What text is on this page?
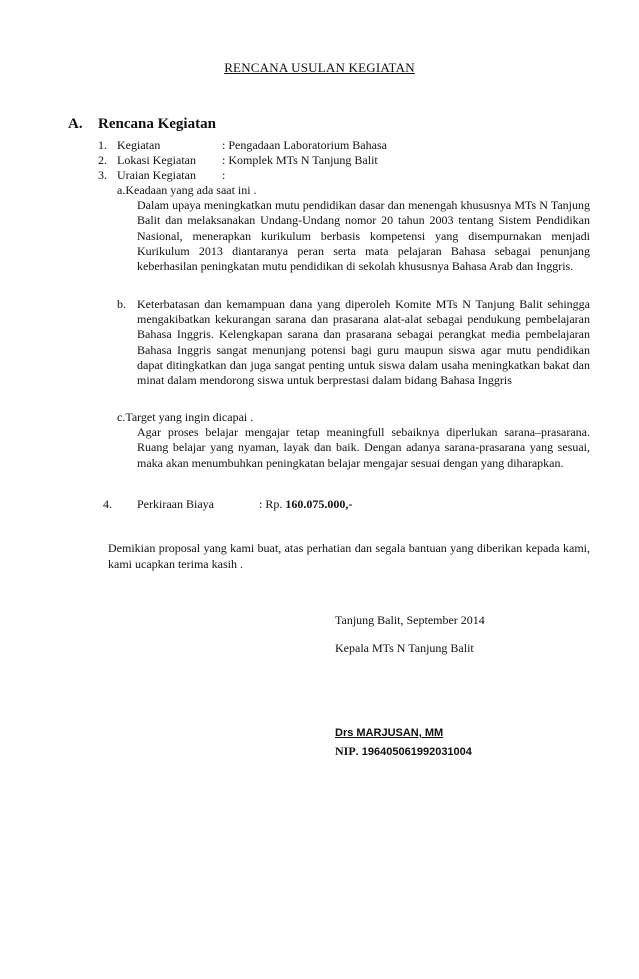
RENCANA USULAN KEGIATAN
A. Rencana Kegiatan
1. Kegiatan	: Pengadaan Laboratorium Bahasa
2. Lokasi Kegiatan : Komplek MTs N Tanjung Balit
3. Uraian Kegiatan :
a.Keadaan yang ada saat ini .
Dalam upaya meningkatkan mutu pendidikan dasar dan menengah khususnya MTs N Tanjung Balit dan melaksanakan Undang-Undang nomor 20 tahun 2003 tentang Sistem Pendidikan Nasional, menerapkan kurikulum berbasis kompetensi yang disempurnakan menjadi Kurikulum 2013 diantaranya peran serta mata pelajaran Bahasa sebagai penunjang keberhasilan peningkatan mutu pendidikan di sekolah khususnya Bahasa Arab dan Inggris.
b. Keterbatasan dan kemampuan dana yang diperoleh Komite MTs N Tanjung Balit sehingga mengakibatkan kekurangan sarana dan prasarana alat-alat sebagai pendukung pembelajaran Bahasa Inggris. Kelengkapan sarana dan prasarana sebagai perangkat media pembelajaran Bahasa Inggris sangat menunjang potensi bagi guru maupun siswa agar mutu pendidikan dapat ditingkatkan dan juga sangat penting untuk siswa dalam usaha meningkatkan bakat dan minat dalam mendorong siswa untuk berprestasi dalam bidang Bahasa Inggris
c.Target yang ingin dicapai .
Agar proses belajar mengajar tetap meaningfull sebaiknya diperlukan sarana–prasarana. Ruang belajar yang nyaman, layak dan baik. Dengan adanya sarana-prasarana yang sesuai, maka akan menumbuhkan peningkatan belajar mengajar sesuai dengan yang diharapkan.
4. Perkiraan Biaya	: Rp. 160.075.000,-
Demikian proposal yang kami buat, atas perhatian dan segala bantuan yang diberikan kepada kami, kami ucapkan terima kasih .
Tanjung Balit, September 2014
Kepala MTs N Tanjung Balit
Drs MARJUSAN, MM
NIP. 196405061992031004
